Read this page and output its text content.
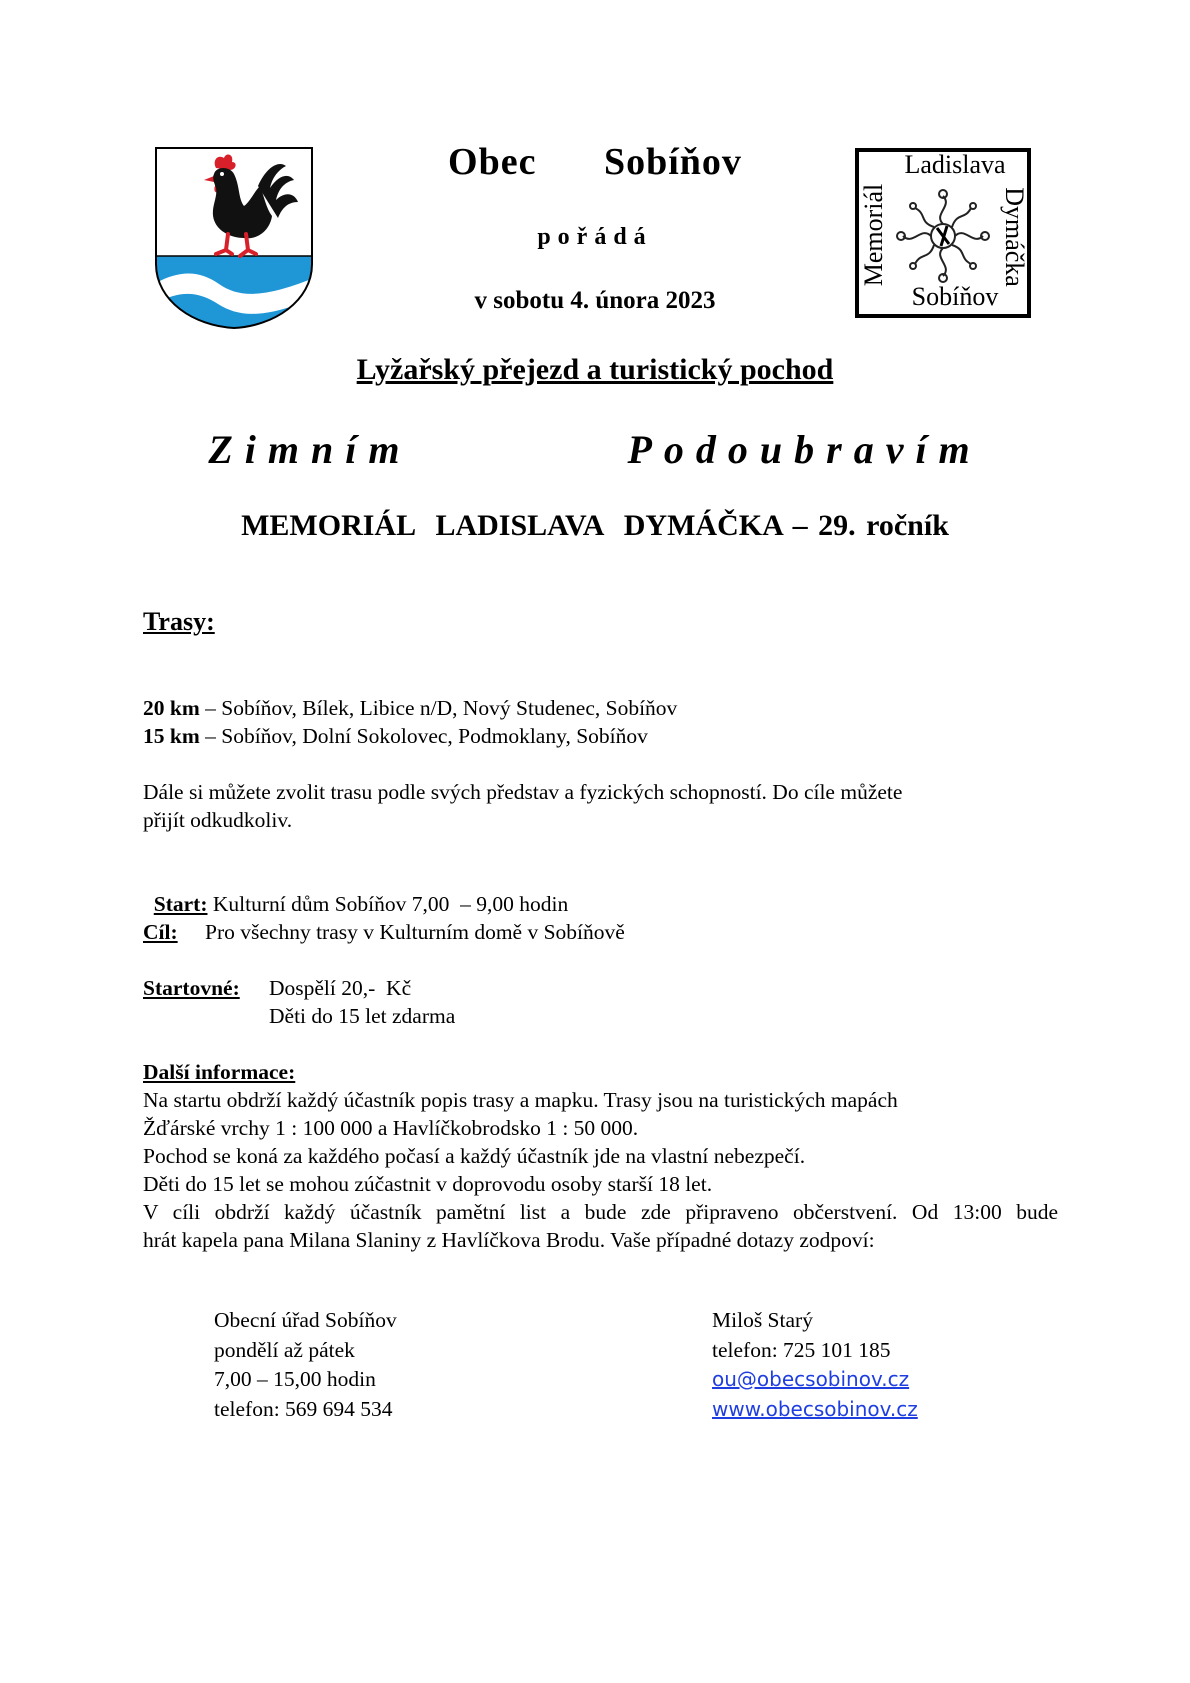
Ladislava
Sobíňov
Memoriál	Dymáčka
Obec   Sobíňov
pořádá
v sobotu 4. února 2023
Lyžařský přejezd a turistický pochod
Zimním   Podoubravím
MEMORIÁL  LADISLAVA  DYMÁČKA – 29. ročník
Trasy:
20 km – Sobíňov, Bílek, Libice n/D, Nový Studenec, Sobíňov
15 km – Sobíňov, Dolní Sokolovec, Podmoklany, Sobíňov
Dále si můžete zvolit trasu podle svých představ a fyzických schopností. Do cíle můžete
přijít odkudkoliv.

Start: Kulturní dům Sobíňov 7,00  – 9,00 hodin

Cíl: Pro všechny trasy v Kulturním domě v Sobíňově
Startovné: Dospělí 20,-  Kč
Děti do 15 let zdarma
Další informace:
Na startu obdrží každý účastník popis trasy a mapku. Trasy jsou na turistických mapách
Žďárské vrchy 1 : 100 000 a Havlíčkobrodsko 1 : 50 000.
Pochod se koná za každého počasí a každý účastník jde na vlastní nebezpečí.
Děti do 15 let se mohou zúčastnit v doprovodu osoby starší 18 let.
V cíli obdrží každý účastník pamětní list a bude zde připraveno občerstvení. Od 13:00 bude
hrát kapela pana Milana Slaniny z Havlíčkova Brodu. Vaše případné dotazy zodpoví:
Obecní úřad Sobíňov
pondělí až pátek
7,00 – 15,00 hodin
telefon: 569 694 534
Miloš Starý
telefon: 725 101 185
ou@obecsobinov.cz
www.obecsobinov.cz
